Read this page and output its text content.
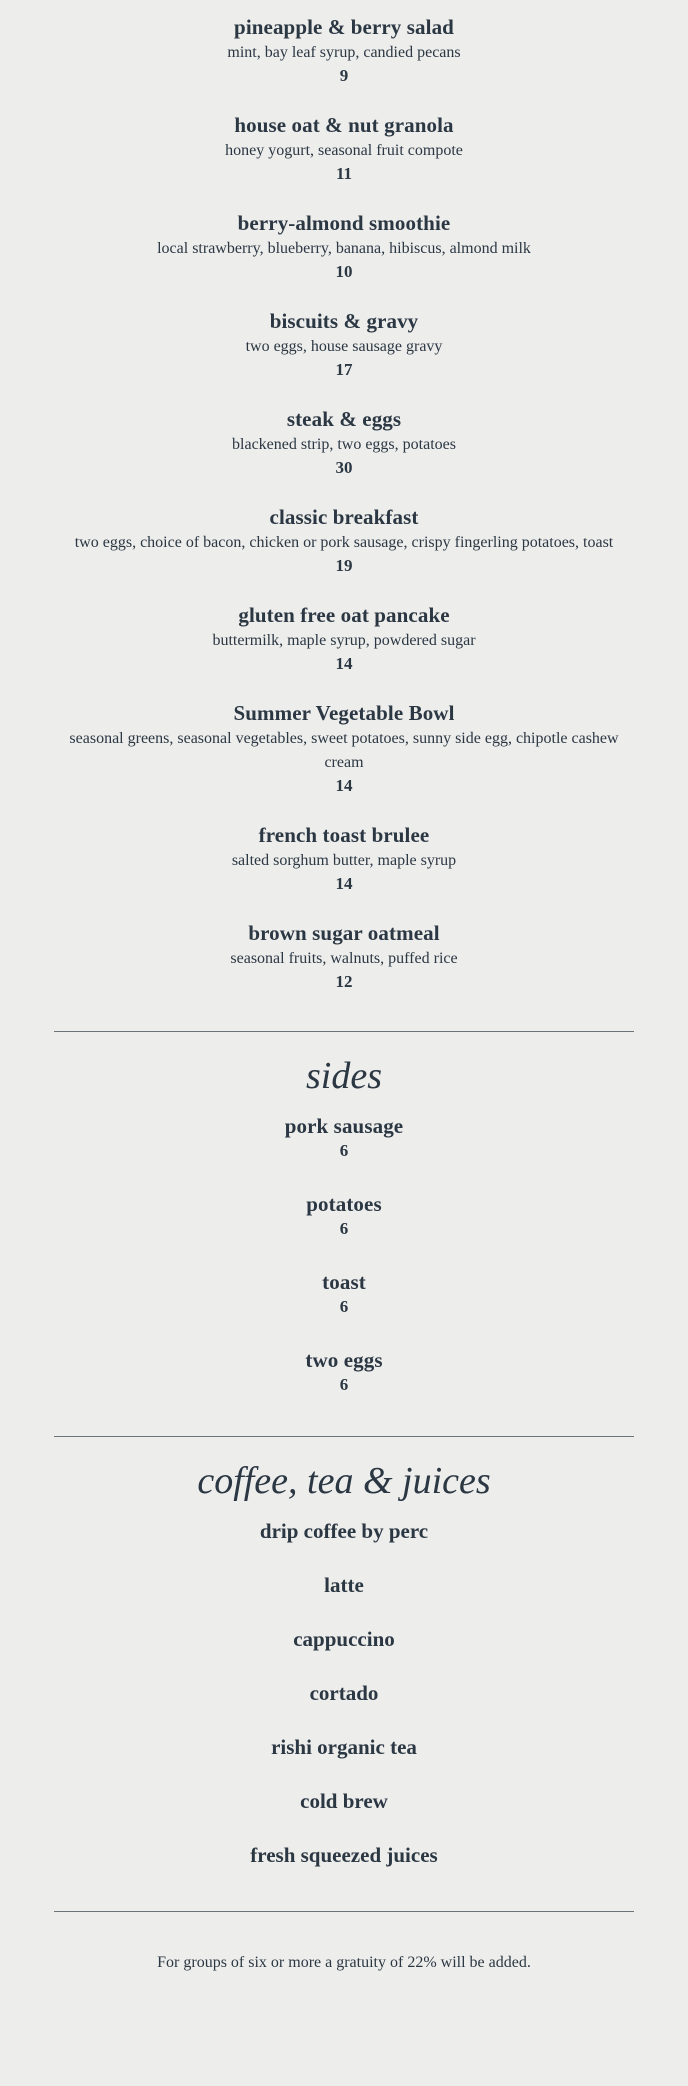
pineapple & berry salad
mint, bay leaf syrup, candied pecans
9
house oat & nut granola
honey yogurt, seasonal fruit compote
11
berry-almond smoothie
local strawberry, blueberry, banana, hibiscus, almond milk
10
biscuits & gravy
two eggs, house sausage gravy
17
steak & eggs
blackened strip, two eggs, potatoes
30
classic breakfast
two eggs, choice of bacon, chicken or pork sausage, crispy fingerling potatoes, toast
19
gluten free oat pancake
buttermilk, maple syrup, powdered sugar
14
Summer Vegetable Bowl
seasonal greens, seasonal vegetables, sweet potatoes, sunny side egg, chipotle cashew cream
14
french toast brulee
salted sorghum butter, maple syrup
14
brown sugar oatmeal
seasonal fruits, walnuts, puffed rice
12
sides
pork sausage
6
potatoes
6
toast
6
two eggs
6
coffee, tea & juices
drip coffee by perc
latte
cappuccino
cortado
rishi organic tea
cold brew
fresh squeezed juices
For groups of six or more a gratuity of 22% will be added.
